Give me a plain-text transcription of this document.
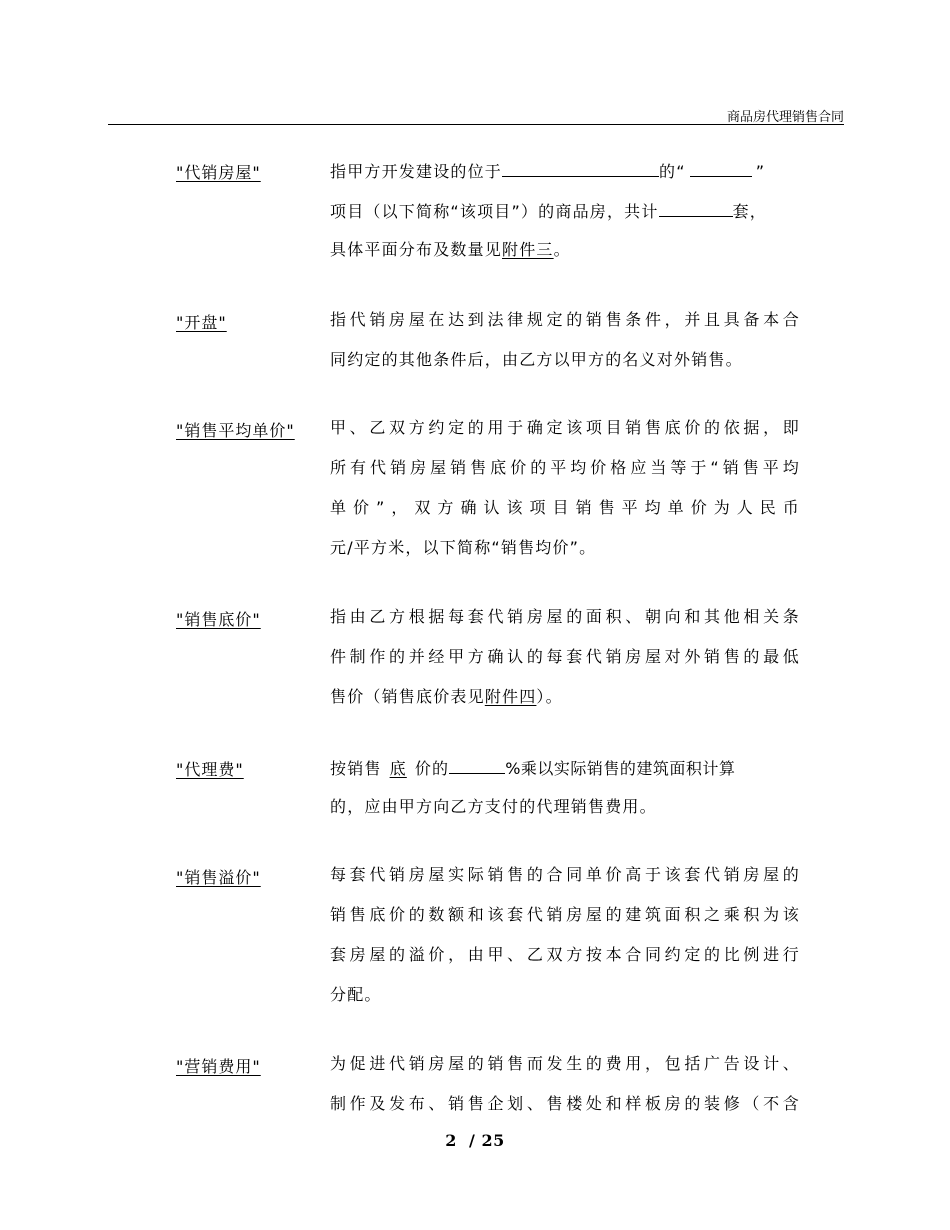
商品房代理销售合同
"代销房屋"	指甲方开发建设的位于	的“	”
项目（以下简称“该项目”）的商品房，共计	套，
具体平面分布及数量见附件三。
"开盘"	指代销房屋在达到法律规定的销售条件，并且具备本合
同约定的其他条件后，由乙方以甲方的名义对外销售。
"销售平均单价"	甲、乙双方约定的用于确定该项目销售底价的依据，即
所有代销房屋销售底价的平均价格应当等于“销售平均
单价”，双方确认该项目销售平均单价为人民币
元/平方米，以下简称“销售均价”。
"销售底价"	指由乙方根据每套代销房屋的面积、朝向和其他相关条
件制作的并经甲方确认的每套代销房屋对外销售的最低
售价（销售底价表见附件四）。
"代理费"	按销售 底 价的	%乘以实际销售的建筑面积计算
的，应由甲方向乙方支付的代理销售费用。
"销售溢价"	每套代销房屋实际销售的合同单价高于该套代销房屋的
销售底价的数额和该套代销房屋的建筑面积之乘积为该
套房屋的溢价，由甲、乙双方按本合同约定的比例进行
分配。
"营销费用"	为促进代销房屋的销售而发生的费用，包括广告设计、
制作及发布、销售企划、售楼处和样板房的装修（不含
2 / 25
